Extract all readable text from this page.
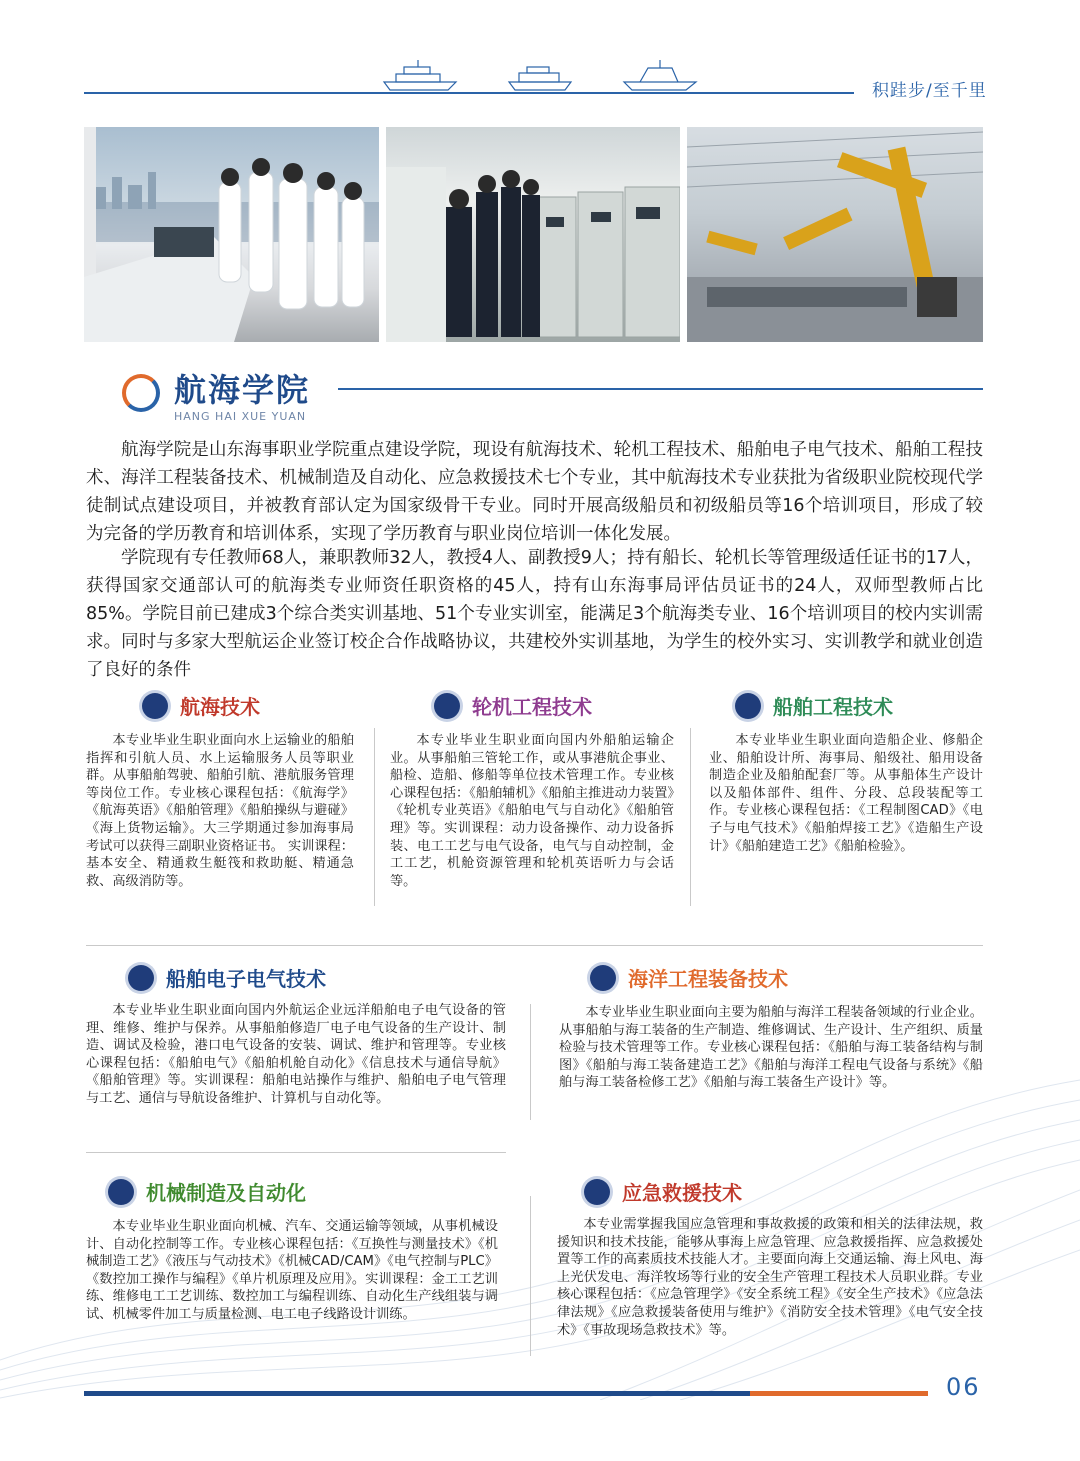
积跬步/至千里
航海学院
HANG HAI XUE YUAN

航海学院是山东海事职业学院重点建设学院，现设有航海技术、轮机工程技术、船舶电子电气技术、船舶工程技术、海洋工程装备技术、机械制造及自动化、应急救援技术七个专业，其中航海技术专业获批为省级职业院校现代学徒制试点建设项目，并被教育部认定为国家级骨干专业。同时开展高级船员和初级船员等16个培训项目，形成了较为完备的学历教育和培训体系，实现了学历教育与职业岗位培训一体化发展。

学院现有专任教师68人，兼职教师32人，教授4人、副教授9人；持有船长、轮机长等管理级适任证书的17人，获得国家交通部认可的航海类专业师资任职资格的45人，持有山东海事局评估员证书的24人，双师型教师占比85%。学院目前已建成3个综合类实训基地、51个专业实训室，能满足3个航海类专业、16个培训项目的校内实训需求。同时与多家大型航运企业签订校企合作战略协议，共建校外实训基地，为学生的校外实习、实训教学和就业创造了良好的条件

航海技术

本专业毕业生职业面向水上运输业的船舶指挥和引航人员、水上运输服务人员等职业群。从事船舶驾驶、船舶引航、港航服务管理等岗位工作。专业核心课程包括：《航海学》《航海英语》《船舶管理》《船舶操纵与避碰》《海上货物运输》。大三学期通过参加海事局考试可以获得三副职业资格证书。 实训课程：基本安全、精通救生艇筏和救助艇、精通急救、高级消防等。

轮机工程技术

本专业毕业生职业面向国内外船舶运输企业。从事船舶三管轮工作，或从事港航企事业、船检、造船、修船等单位技术管理工作。专业核心课程包括：《船舶辅机》《船舶主推进动力装置》《轮机专业英语》《船舶电气与自动化》《船舶管理》等。实训课程：动力设备操作、动力设备拆装、电工工艺与电气设备，电气与自动控制，金工工艺，机舱资源管理和轮机英语听力与会话等。

船舶工程技术

本专业毕业生职业面向造船企业、修船企业、船舶设计所、海事局、船级社、船用设备制造企业及船舶配套厂等。从事船体生产设计以及船体部件、组件、分段、总段装配等工作。专业核心课程包括：《工程制图CAD》《电子与电气技术》《船舶焊接工艺》《造船生产设计》《船舶建造工艺》《船舶检验》。

船舶电子电气技术

本专业毕业生职业面向国内外航运企业远洋船舶电子电气设备的管理、维修、维护与保养。从事船舶修造厂电子电气设备的生产设计、制造、调试及检验，港口电气设备的安装、调试、维护和管理等。专业核心课程包括：《船舶电气》《船舶机舱自动化》《信息技术与通信导航》《船舶管理》等。实训课程：船舶电站操作与维护、船舶电子电气管理与工艺、通信与导航设备维护、计算机与自动化等。

海洋工程装备技术

本专业毕业生职业面向主要为船舶与海洋工程装备领域的行业企业。从事船舶与海工装备的生产制造、维修调试、生产设计、生产组织、质量检验与技术管理等工作。专业核心课程包括：《船舶与海工装备结构与制图》《船舶与海工装备建造工艺》《船舶与海洋工程电气设备与系统》《船舶与海工装备检修工艺》《船舶与海工装备生产设计》等。

机械制造及自动化

本专业毕业生职业面向机械、汽车、交通运输等领域，从事机械设计、自动化控制等工作。专业核心课程包括：《互换性与测量技术》《机械制造工艺》《液压与气动技术》《机械CAD/CAM》《电气控制与PLC》《数控加工操作与编程》《单片机原理及应用》。实训课程：金工工艺训练、维修电工工艺训练、数控加工与编程训练、自动化生产线组装与调试、机械零件加工与质量检测、电工电子线路设计训练。

应急救援技术

本专业需掌握我国应急管理和事故救援的政策和相关的法律法规，救援知识和技术技能，能够从事海上应急管理、应急救援指挥、应急救援处置等工作的高素质技术技能人才。主要面向海上交通运输、海上风电、海上光伏发电、海洋牧场等行业的安全生产管理工程技术人员职业群。专业核心课程包括：《应急管理学》《安全系统工程》《安全生产技术》《应急法律法规》《应急救援装备使用与维护》《消防安全技术管理》《电气安全技术》《事故现场急救技术》等。

06
